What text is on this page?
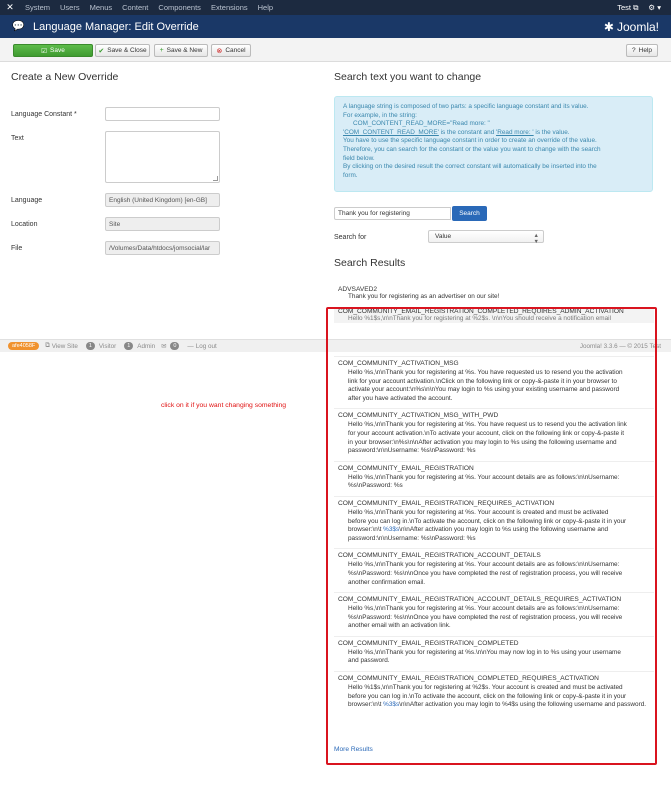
✕	System	Users	Menus	Content	Components	Extensions	Help	Test ⧉ ⚙ ▾
💬 Language Manager: Edit Override	✱ Joomla!
☑ Save	✔ Save & Close + Save & New ⊗ Cancel	? Help
Create a New Override
Language Constant *
Text
Language	English (United Kingdom) [en-GB]
Location	Site
File	/Volumes/Data/htdocs/jomsocial/lar
Search text you want to change
A language string is composed of two parts: a specific language constant and its value.
For example, in the string:
COM_CONTENT_READ_MORE="Read more: "
'COM_CONTENT_READ_MORE' is the constant and 'Read more: ' is the value.
You have to use the specific language constant in order to create an override of the value.
Therefore, you can search for the constant or the value you want to change with the search
field below.
By clicking on the desired result the correct constant will automatically be inserted into the
form.
Thank you for registering	Search
Search for	Value	▲
▼
Search Results
ADVSAVED2
Thank you for registering as an advertiser on our site!
COM_COMMUNITY_EMAIL_REGISTRATION_COMPLETED_REQUIRES_ADMIN_ACTIVATION
Hello %1$s,\n\nThank you for registering at %2$s. \n\nYou should receive a notification email
afe4058F	⧉ View Site	1	Visitor	1	Admin ✉	0	— Log out	Joomla! 3.3.6 — © 2015 Test
COM_COMMUNITY_ACTIVATION_MSG
Hello %s,\n\nThank you for registering at %s. You have requested us to resend you the activation
link for your account activation.\nClick on the following link or copy-&-paste it in your browser to
activate your account:\n%s\n\nYou may login to %s using your existing username and password
after you have activated the account.
COM_COMMUNITY_ACTIVATION_MSG_WITH_PWD
Hello %s,\n\nThank you for registering at %s. You have request us to resend you the activation link
for your account activation.\nTo activate your account, click on the following link or copy-&-paste it
in your browser:\n%s\n\nAfter activation you may login to %s using the following username and
password:\n\nUsername: %s\nPassword: %s
COM_COMMUNITY_EMAIL_REGISTRATION
Hello %s,\n\nThank you for registering at %s. Your account details are as follows:\n\nUsername:
%s\nPassword: %s
COM_COMMUNITY_EMAIL_REGISTRATION_REQUIRES_ACTIVATION
Hello %s,\n\nThank you for registering at %s. Your account is created and must be activated
before you can log in.\nTo activate the account, click on the following link or copy-&-paste it in your
browser:\n\t %3$s\n\nAfter activation you may login to %s using the following username and
password:\n\nUsername: %s\nPassword: %s
COM_COMMUNITY_EMAIL_REGISTRATION_ACCOUNT_DETAILS
Hello %s,\n\nThank you for registering at %s. Your account details are as follows:\n\nUsername:
%s\nPassword: %s\n\nOnce you have completed the rest of registration process, you will receive
another confirmation email.
COM_COMMUNITY_EMAIL_REGISTRATION_ACCOUNT_DETAILS_REQUIRES_ACTIVATION
Hello %s,\n\nThank you for registering at %s. Your account details are as follows:\n\nUsername:
%s\nPassword: %s\n\nOnce you have completed the rest of registration process, you will receive
another email with an activation link.
COM_COMMUNITY_EMAIL_REGISTRATION_COMPLETED
Hello %s,\n\nThank you for registering at %s.\n\nYou may now log in to %s using your username
and password.
COM_COMMUNITY_EMAIL_REGISTRATION_COMPLETED_REQUIRES_ACTIVATION
Hello %1$s,\n\nThank you for registering at %2$s. Your account is created and must be activated
before you can log in.\nTo activate the account, click on the following link or copy-&-paste it in your
browser:\n\t %3$s\n\nAfter activation you may login to %4$s using the following username and password.
More Results
click on it if you want changing something
